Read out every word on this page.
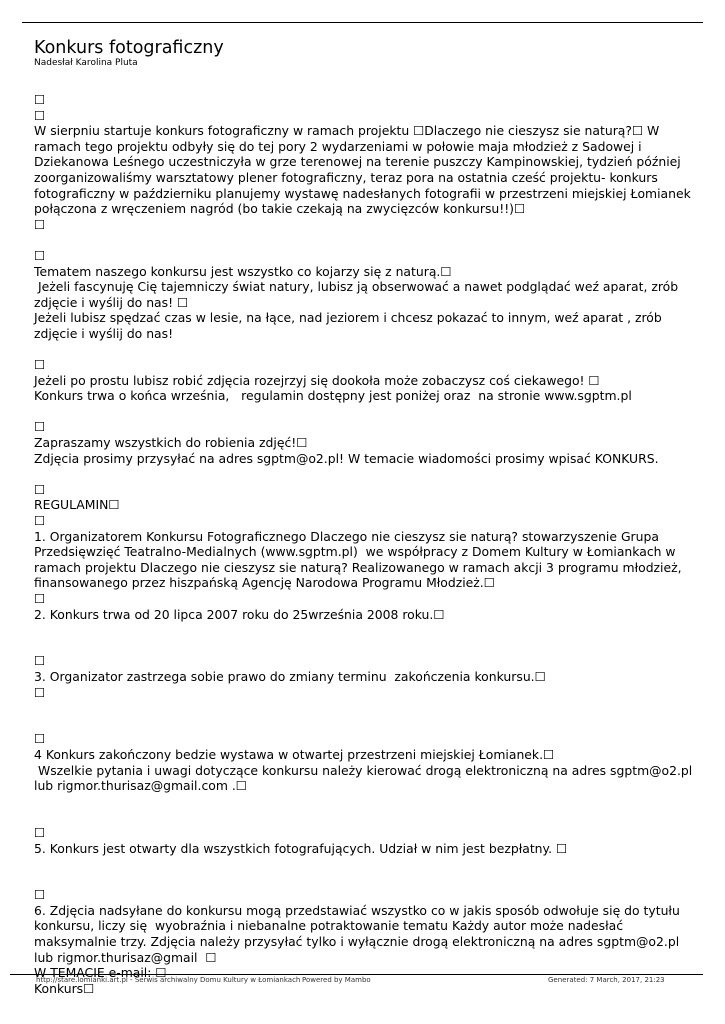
Konkurs fotograficzny

Nadesłał Karolina Pluta

☐
☐
W sierpniu startuje konkurs fotograficzny w ramach projektu ☐Dlaczego nie cieszysz sie naturą?☐ W
ramach tego projektu odbyły się do tej pory 2 wydarzeniami w połowie maja młodzież z Sadowej i
Dziekanowa Leśnego uczestniczyła w grze terenowej na terenie puszczy Kampinowskiej, tydzień później
zoorganizowaliśmy warsztatowy plener fotograficzny, teraz pora na ostatnia cześć projektu- konkurs
fotograficzny w październiku planujemy wystawę nadesłanych fotografii w przestrzeni miejskiej Łomianek
połączona z wręczeniem nagród (bo takie czekają na zwycięzców konkursu!!)☐
☐
☐
Tematem naszego konkursu jest wszystko co kojarzy się z naturą.☐
Jeżeli fascynuję Cię tajemniczy świat natury, lubisz ją obserwować a nawet podglądać weź aparat, zrób
zdjęcie i wyślij do nas! ☐
Jeżeli lubisz spędzać czas w lesie, na łące, nad jeziorem i chcesz pokazać to innym, weź aparat , zrób
zdjęcie i wyślij do nas!
☐
Jeżeli po prostu lubisz robić zdjęcia rozejrzyj się dookoła może zobaczysz coś ciekawego! ☐
Konkurs trwa o końca września,   regulamin dostępny jest poniżej oraz  na stronie www.sgptm.pl
☐
Zapraszamy wszystkich do robienia zdjęć!☐
Zdjęcia prosimy przysyłać na adres sgptm@o2.pl! W temacie wiadomości prosimy wpisać KONKURS.
☐
REGULAMIN☐
☐
1. Organizatorem Konkursu Fotograficznego Dlaczego nie cieszysz sie naturą? stowarzyszenie Grupa
Przedsięwzięć Teatralno-Medialnych (www.sgptm.pl)  we współpracy z Domem Kultury w Łomiankach w
ramach projektu Dlaczego nie cieszysz sie naturą? Realizowanego w ramach akcji 3 programu młodzież,
finansowanego przez hiszpańską Agencję Narodowa Programu Młodzież.☐
☐
2. Konkurs trwa od 20 lipca 2007 roku do 25września 2008 roku.☐
☐
3. Organizator zastrzega sobie prawo do zmiany terminu  zakończenia konkursu.☐
☐
☐
4 Konkurs zakończony bedzie wystawa w otwartej przestrzeni miejskiej Łomianek.☐
Wszelkie pytania i uwagi dotyczące konkursu należy kierować drogą elektroniczną na adres sgptm@o2.pl
lub rigmor.thurisaz@gmail.com .☐
☐
5. Konkurs jest otwarty dla wszystkich fotografujących. Udział w nim jest bezpłatny. ☐
☐
6. Zdjęcia nadsyłane do konkursu mogą przedstawiać wszystko co w jakis sposób odwołuje się do tytułu
konkursu, liczy się  wyobraźnia i niebanalne potraktowanie tematu Każdy autor może nadesłać
maksymalnie trzy. Zdjęcia należy przysyłać tylko i wyłącznie drogą elektroniczną na adres sgptm@o2.pl
lub rigmor.thurisaz@gmail  ☐
W TEMACIE e-mail: ☐
Konkurs☐
http://stare.lomianki.art.pl - Serwis archiwalny Domu Kultury w Łomiankach Powered by Mambo	Generated: 7 March, 2017, 21:23
